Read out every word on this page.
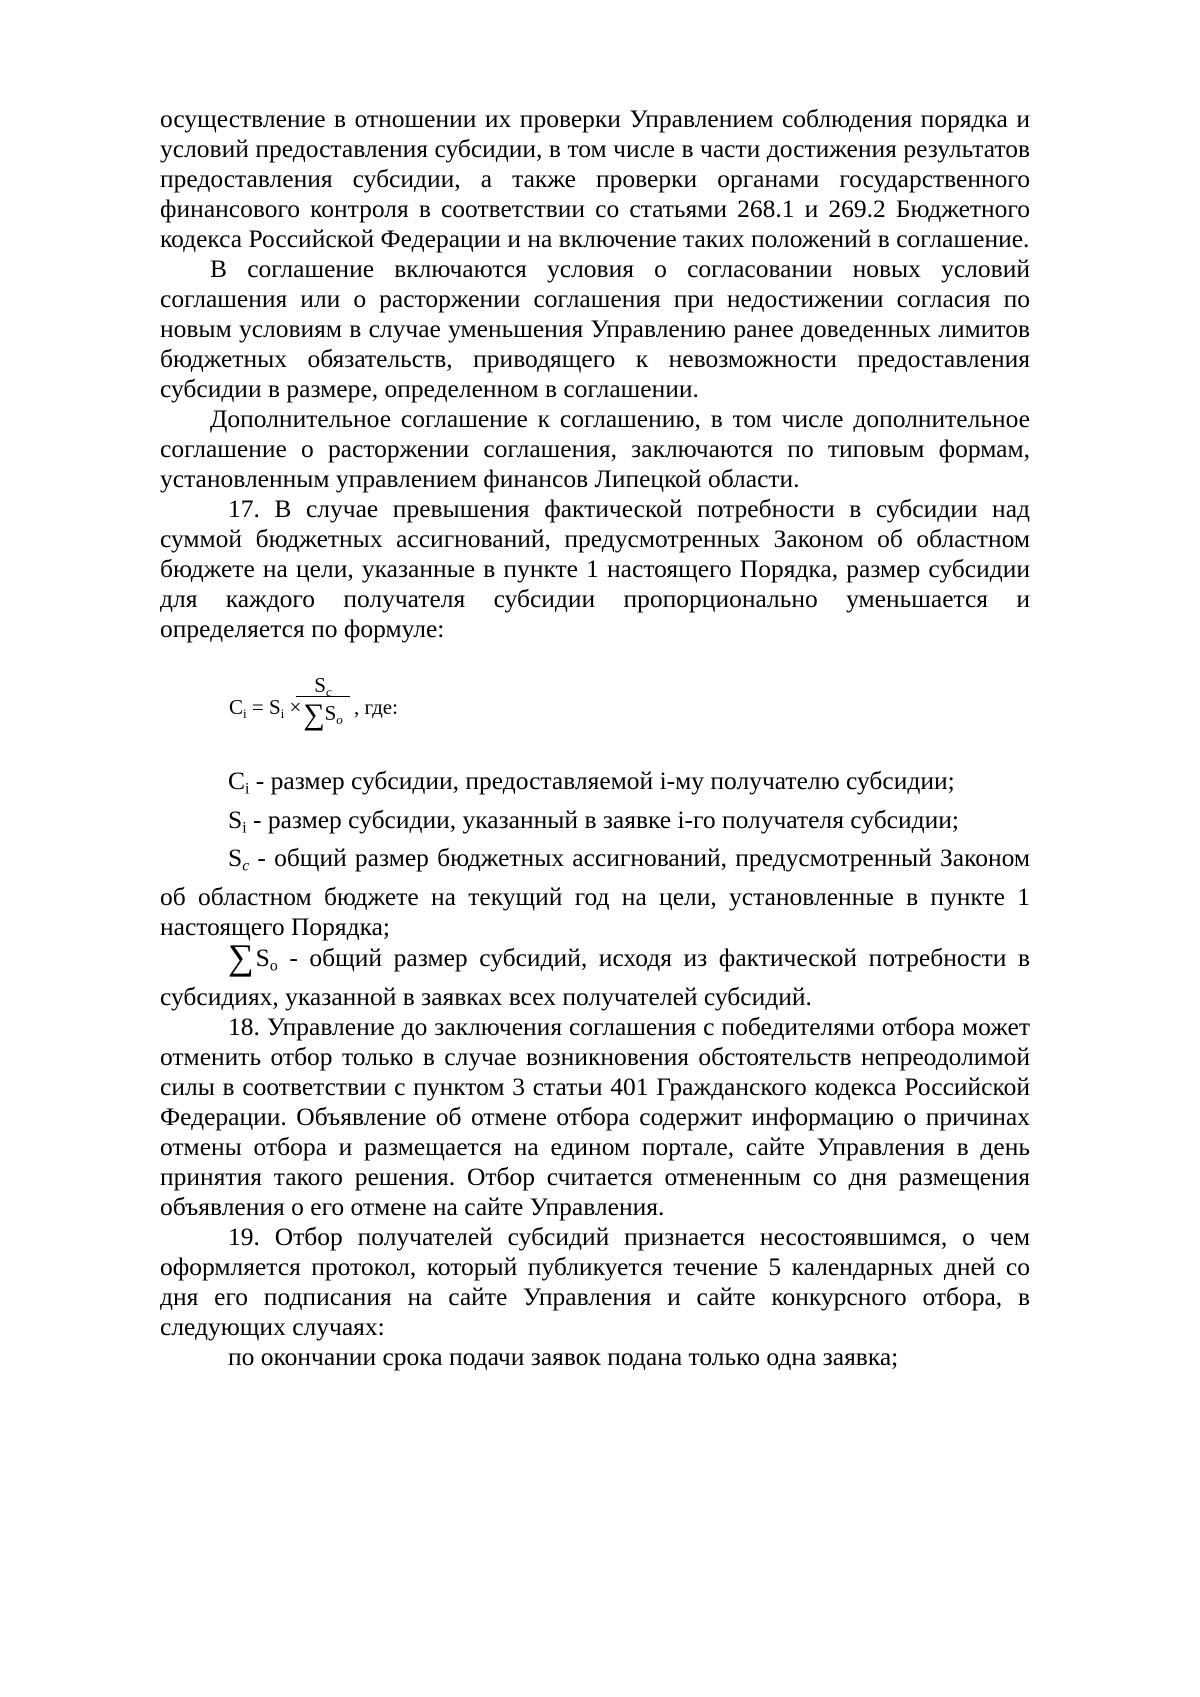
осуществление в отношении их проверки Управлением соблюдения порядка и условий предоставления субсидии, в том числе в части достижения результатов предоставления субсидии, а также проверки органами государственного финансового контроля в соответствии со статьями 268.1 и 269.2 Бюджетного кодекса Российской Федерации и на включение таких положений в соглашение.

В соглашение включаются условия о согласовании новых условий соглашения или о расторжении соглашения при недостижении согласия по новым условиям в случае уменьшения Управлению ранее доведенных лимитов бюджетных обязательств, приводящего к невозможности предоставления субсидии в размере, определенном в соглашении.

Дополнительное соглашение к соглашению, в том числе дополнительное соглашение о расторжении соглашения, заключаются по типовым формам, установленным управлением финансов Липецкой области.

17. В случае превышения фактической потребности в субсидии над суммой бюджетных ассигнований, предусмотренных Законом об областном бюджете на цели, указанные в пункте 1 настоящего Порядка, размер субсидии для каждого получателя субсидии пропорционально уменьшается и определяется по формуле:

$C_i = S_i$ ×
$S_c$
$\sum S_o$
, где:

$C_i$ - размер субсидии, предоставляемой i-му получателю субсидии;

$S_i$ - размер субсидии, указанный в заявке i-го получателя субсидии;

$S_c$ - общий размер бюджетных ассигнований, предусмотренный Законом об областном бюджете на текущий год на цели, установленные в пункте 1 настоящего Порядка;

$\sum S_o$ - общий размер субсидий, исходя из фактической потребности в субсидиях, указанной в заявках всех получателей субсидий.

18. Управление до заключения соглашения с победителями отбора может отменить отбор только в случае возникновения обстоятельств непреодолимой силы в соответствии с пунктом 3 статьи 401 Гражданского кодекса Российской Федерации. Объявление об отмене отбора содержит информацию о причинах отмены отбора и размещается на едином портале, сайте Управления в день принятия такого решения. Отбор считается отмененным со дня размещения объявления о его отмене на сайте Управления.

19. Отбор получателей субсидий признается несостоявшимся, о чем оформляется протокол, который публикуется течение 5 календарных дней со дня его подписания на сайте Управления и сайте конкурсного отбора, в следующих случаях:

по окончании срока подачи заявок подана только одна заявка;
